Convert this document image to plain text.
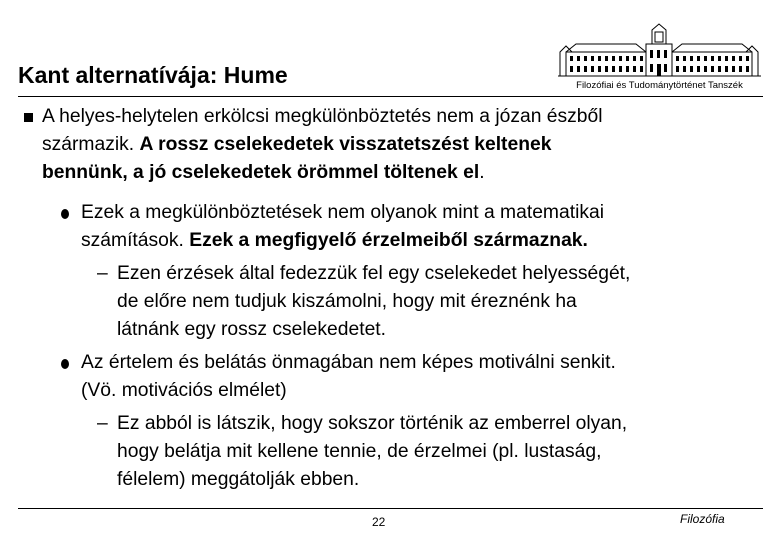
Kant alternatívája: Hume	Filozófiai és Tudománytörténet Tanszék
A helyes-helytelen erkölcsi megkülönböztetés nem a józan észből
származik. A rossz cselekedetek visszatetszést keltenek
bennünk, a jó cselekedetek örömmel töltenek el.
Ezek a megkülönböztetések nem olyanok mint a matematikai
számítások. Ezek a megfigyelő érzelmeiből származnak.
– Ezen érzések által fedezzük fel egy cselekedet helyességét,
de előre nem tudjuk kiszámolni, hogy mit éreznénk ha
látnánk egy rossz cselekedetet.
Az értelem és belátás önmagában nem képes motiválni senkit.
(Vö. motivációs elmélet)
– Ez abból is látszik, hogy sokszor történik az emberrel olyan,
hogy belátja mit kellene tennie, de érzelmei (pl. lustaság,
félelem) meggátolják ebben.
22	Filozófia
